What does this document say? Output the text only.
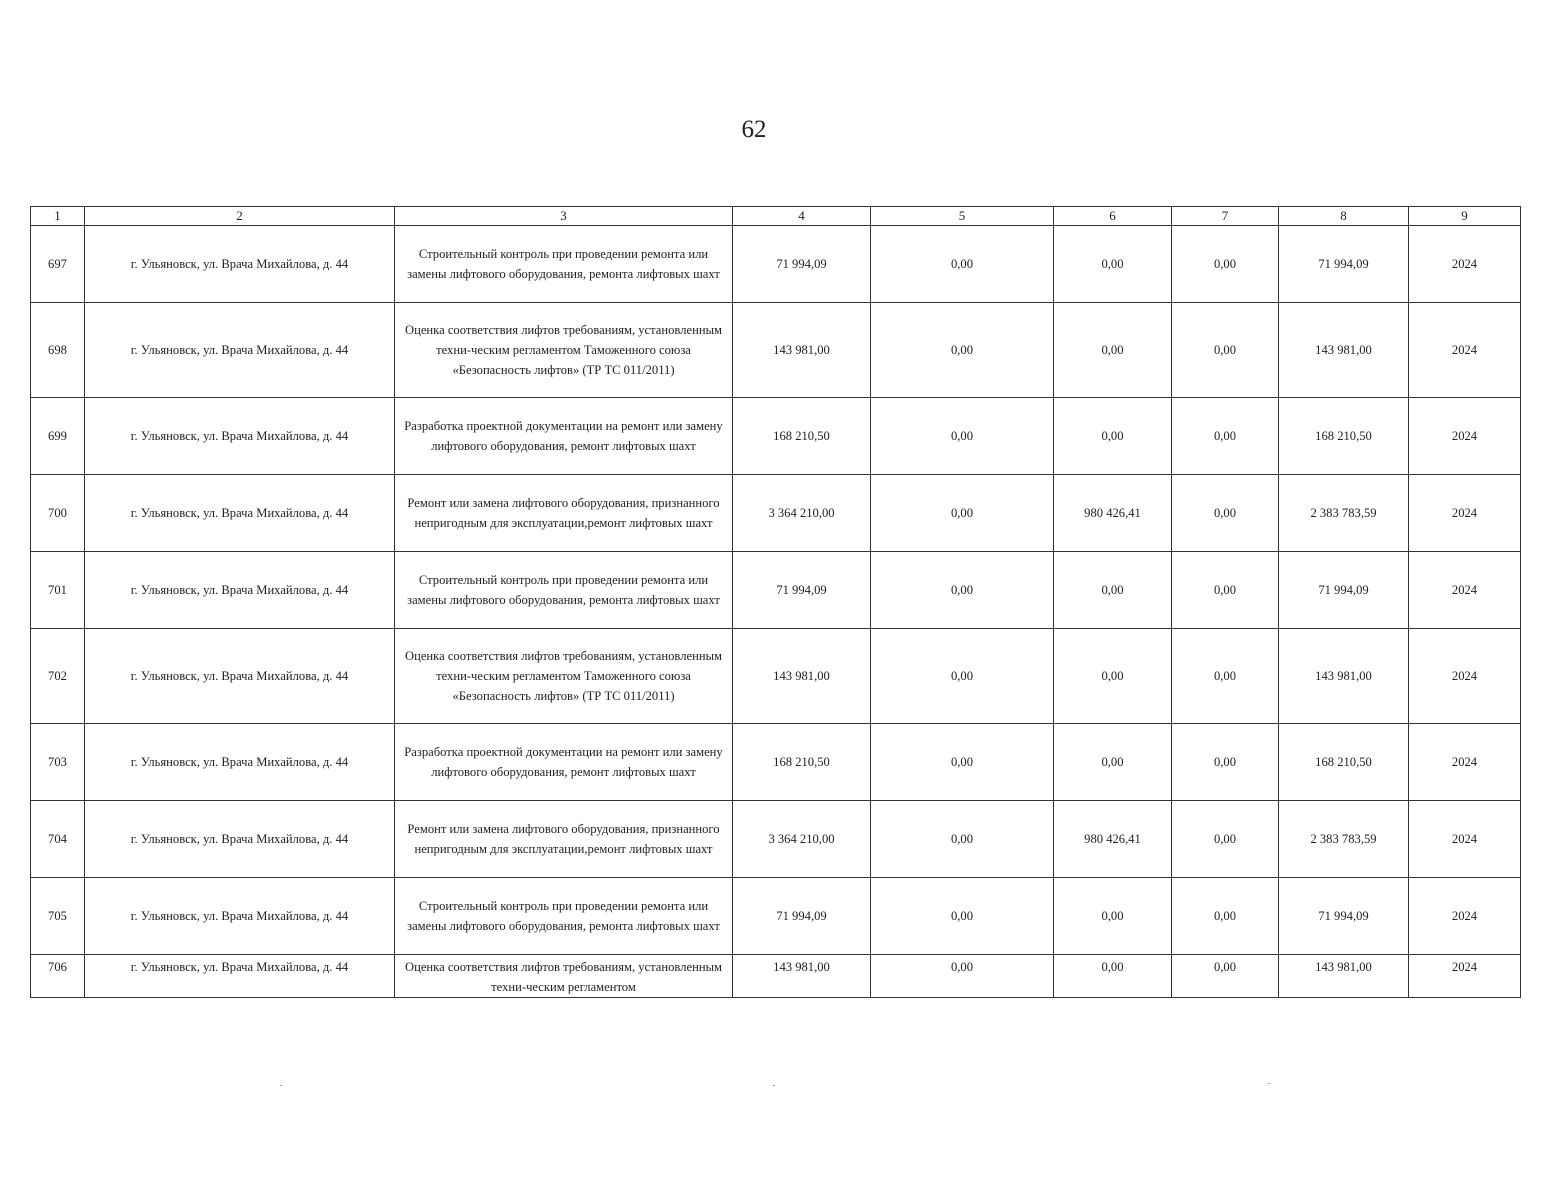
62
1	2	3	4	5	6	7	8	9
697	г. Ульяновск, ул. Врача Михайлова, д. 44	Строительный контроль при проведении ремонта или замены лифтового оборудования, ремонта лифтовых шахт	71 994,09	0,00	0,00	0,00	71 994,09	2024
698	г. Ульяновск, ул. Врача Михайлова, д. 44	Оценка соответствия лифтов требованиям, установленным техни-ческим регламентом Таможенного союза «Безопасность лифтов» (ТР ТС 011/2011)	143 981,00	0,00	0,00	0,00	143 981,00	2024
699	г. Ульяновск, ул. Врача Михайлова, д. 44	Разработка проектной документации на ремонт или замену лифтового оборудования, ремонт лифтовых шахт	168 210,50	0,00	0,00	0,00	168 210,50	2024
700	г. Ульяновск, ул. Врача Михайлова, д. 44	Ремонт или замена лифтового оборудования, признанного непригодным для эксплуатации,ремонт лифтовых шахт	3 364 210,00	0,00	980 426,41	0,00	2 383 783,59	2024
701	г. Ульяновск, ул. Врача Михайлова, д. 44	Строительный контроль при проведении ремонта или замены лифтового оборудования, ремонта лифтовых шахт	71 994,09	0,00	0,00	0,00	71 994,09	2024
702	г. Ульяновск, ул. Врача Михайлова, д. 44	Оценка соответствия лифтов требованиям, установленным техни-ческим регламентом Таможенного союза «Безопасность лифтов» (ТР ТС 011/2011)	143 981,00	0,00	0,00	0,00	143 981,00	2024
703	г. Ульяновск, ул. Врача Михайлова, д. 44	Разработка проектной документации на ремонт или замену лифтового оборудования, ремонт лифтовых шахт	168 210,50	0,00	0,00	0,00	168 210,50	2024
704	г. Ульяновск, ул. Врача Михайлова, д. 44	Ремонт или замена лифтового оборудования, признанного непригодным для эксплуатации,ремонт лифтовых шахт	3 364 210,00	0,00	980 426,41	0,00	2 383 783,59	2024
705	г. Ульяновск, ул. Врача Михайлова, д. 44	Строительный контроль при проведении ремонта или замены лифтового оборудования, ремонта лифтовых шахт	71 994,09	0,00	0,00	0,00	71 994,09	2024
706	г. Ульяновск, ул. Врача Михайлова, д. 44	Оценка соответствия лифтов требованиям, установленным техни-ческим регламентом	143 981,00	0,00	0,00	0,00	143 981,00	2024
